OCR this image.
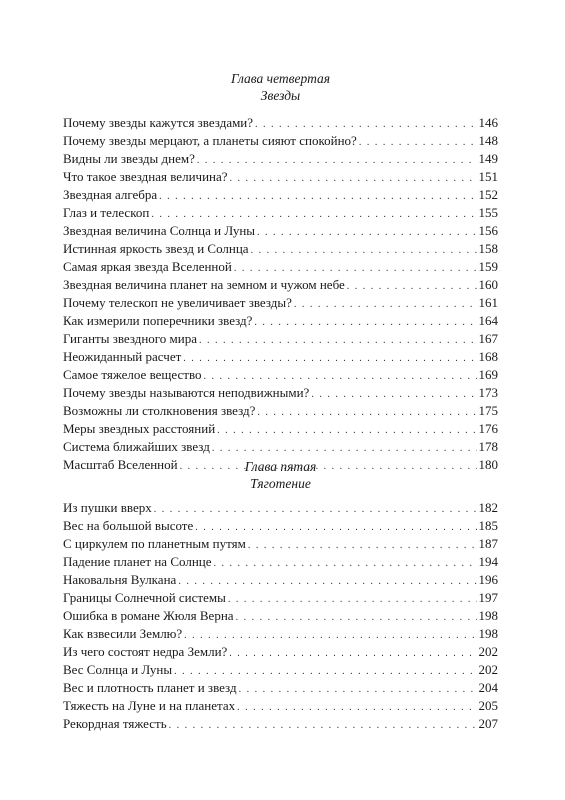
Глава четвертая
Звезды
Почему звезды кажутся звездами? . . .	146
Почему звезды мерцают, а планеты сияют спокойно? . . .	148
Видны ли звезды днем? . . .	149
Что такое звездная величина? . . .	151
Звездная алгебра . . .	152
Глаз и телескоп . . .	155
Звездная величина Солнца и Луны . . .	156
Истинная яркость звезд и Солнца . . .	158
Самая яркая звезда Вселенной . . .	159
Звездная величина планет на земном и чужом небе . . .	160
Почему телескоп не увеличивает звезды? . . .	161
Как измерили поперечники звезд? . . .	164
Гиганты звездного мира . . .	167
Неожиданный расчет . . .	168
Самое тяжелое вещество . . .	169
Почему звезды называются неподвижными? . . .	173
Возможны ли столкновения звезд? . . .	175
Меры звездных расстояний . . .	176
Система ближайших звезд . . .	178
Масштаб Вселенной . . .	180
Глава пятая
Тяготение
Из пушки вверх . . .	182
Вес на большой высоте . . .	185
С циркулем по планетным путям . . .	187
Падение планет на Солнце . . .	194
Наковальня Вулкана . . .	196
Границы Солнечной системы . . .	197
Ошибка в романе Жюля Верна . . .	198
Как взвесили Землю? . . .	198
Из чего состоят недра Земли? . . .	202
Вес Солнца и Луны . . .	202
Вес и плотность планет и звезд . . .	204
Тяжесть на Луне и на планетах . . .	205
Рекордная тяжесть . . .	207
